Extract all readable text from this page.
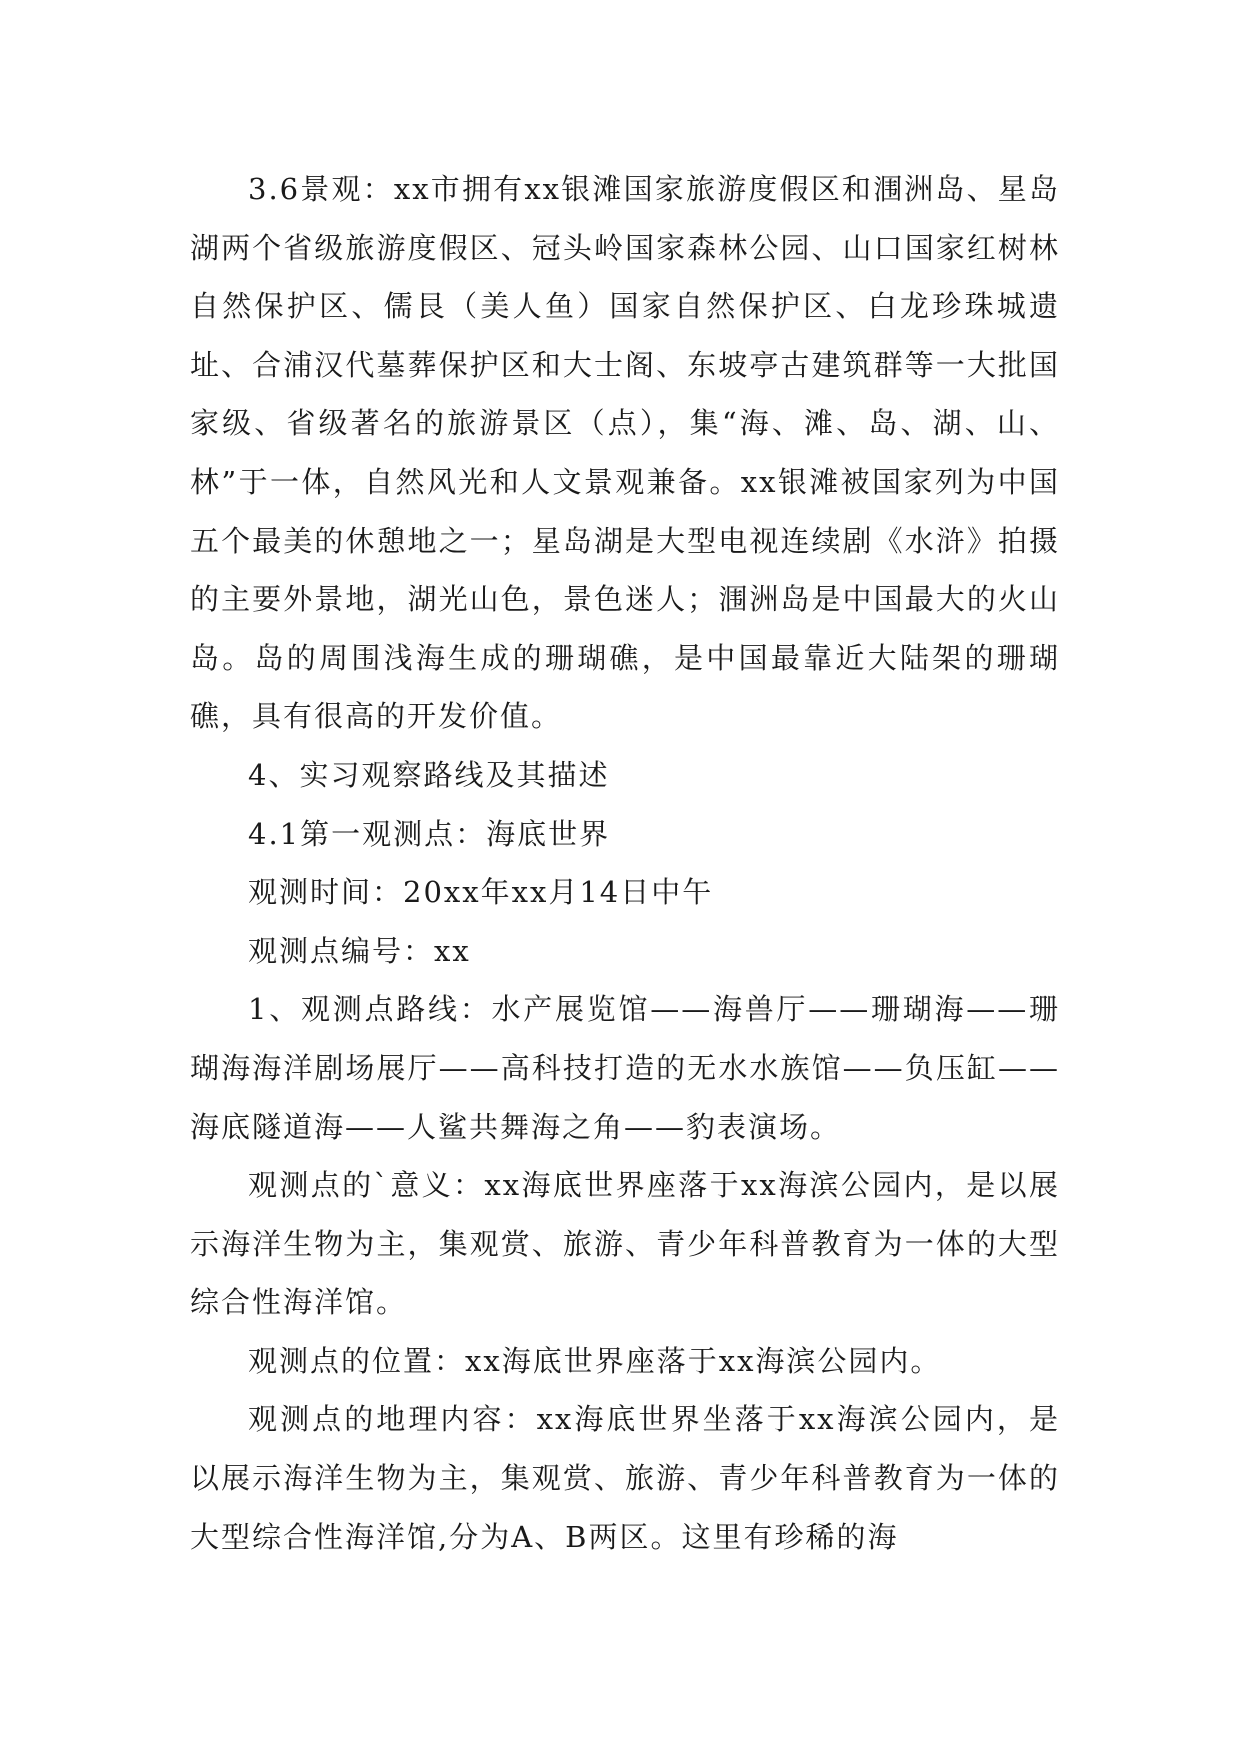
3.6景观：xx市拥有xx银滩国家旅游度假区和涠洲岛、星岛湖两个省级旅游度假区、冠头岭国家森林公园、山口国家红树林自然保护区、儒艮（美人鱼）国家自然保护区、白龙珍珠城遗址、合浦汉代墓葬保护区和大士阁、东坡亭古建筑群等一大批国家级、省级著名的旅游景区（点），集“海、滩、岛、湖、山、林”于一体，自然风光和人文景观兼备。xx银滩被国家列为中国五个最美的休憩地之一；星岛湖是大型电视连续剧《水浒》拍摄的主要外景地，湖光山色，景色迷人；涠洲岛是中国最大的火山岛。岛的周围浅海生成的珊瑚礁，是中国最靠近大陆架的珊瑚礁，具有很高的开发价值。

4、实习观察路线及其描述

4.1第一观测点：海底世界

观测时间：20xx年xx月14日中午

观测点编号：xx

1、观测点路线：水产展览馆——海兽厅——珊瑚海——珊瑚海海洋剧场展厅——高科技打造的无水水族馆——负压缸——海底隧道海——人鲨共舞海之角——豹表演场。

观测点的`意义：xx海底世界座落于xx海滨公园内，是以展示海洋生物为主，集观赏、旅游、青少年科普教育为一体的大型综合性海洋馆。

观测点的位置：xx海底世界座落于xx海滨公园内。

观测点的地理内容：xx海底世界坐落于xx海滨公园内，是以展示海洋生物为主，集观赏、旅游、青少年科普教育为一体的大型综合性海洋馆,分为A、B两区。这里有珍稀的海
